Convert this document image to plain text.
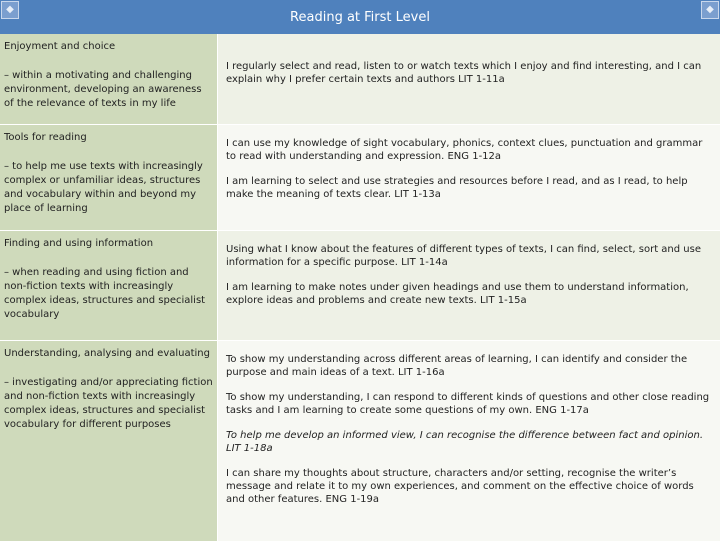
◆	Reading at First Level	◆

Enjoyment and choice

– within a motivating and challenging environment, developing an awareness of the relevance of texts in my life

I regularly select and read, listen to or watch texts which I enjoy and find interesting, and I can explain why I prefer certain texts and authors LIT 1-11a

Tools for reading

– to help me use texts with increasingly complex or unfamiliar ideas, structures and vocabulary within and beyond my place of learning

I can use my knowledge of sight vocabulary, phonics, context clues, punctuation and grammar to read with understanding and expression. ENG 1-12a

I am learning to select and use strategies and resources before I read, and as I read, to help make the meaning of texts clear. LIT 1-13a

Finding and using information

– when reading and using fiction and non-fiction texts with increasingly complex ideas, structures and specialist vocabulary

Using what I know about the features of different types of texts, I can find, select, sort and use information for a specific purpose. LIT 1-14a

I am learning to make notes under given headings and use them to understand information, explore ideas and problems and create new texts. LIT 1-15a

Understanding, analysing and evaluating

– investigating and/or appreciating fiction and non-fiction texts with increasingly complex ideas, structures and specialist vocabulary for different purposes

To show my understanding across different areas of learning, I can identify and consider the purpose and main ideas of a text. LIT 1-16a

To show my understanding, I can respond to different kinds of questions and other close reading tasks and I am learning to create some questions of my own. ENG 1-17a

To help me develop an informed view, I can recognise the difference between fact and opinion. LIT 1-18a

I can share my thoughts about structure, characters and/or setting, recognise the writer’s message and relate it to my own experiences, and comment on the effective choice of words and other features. ENG 1-19a
